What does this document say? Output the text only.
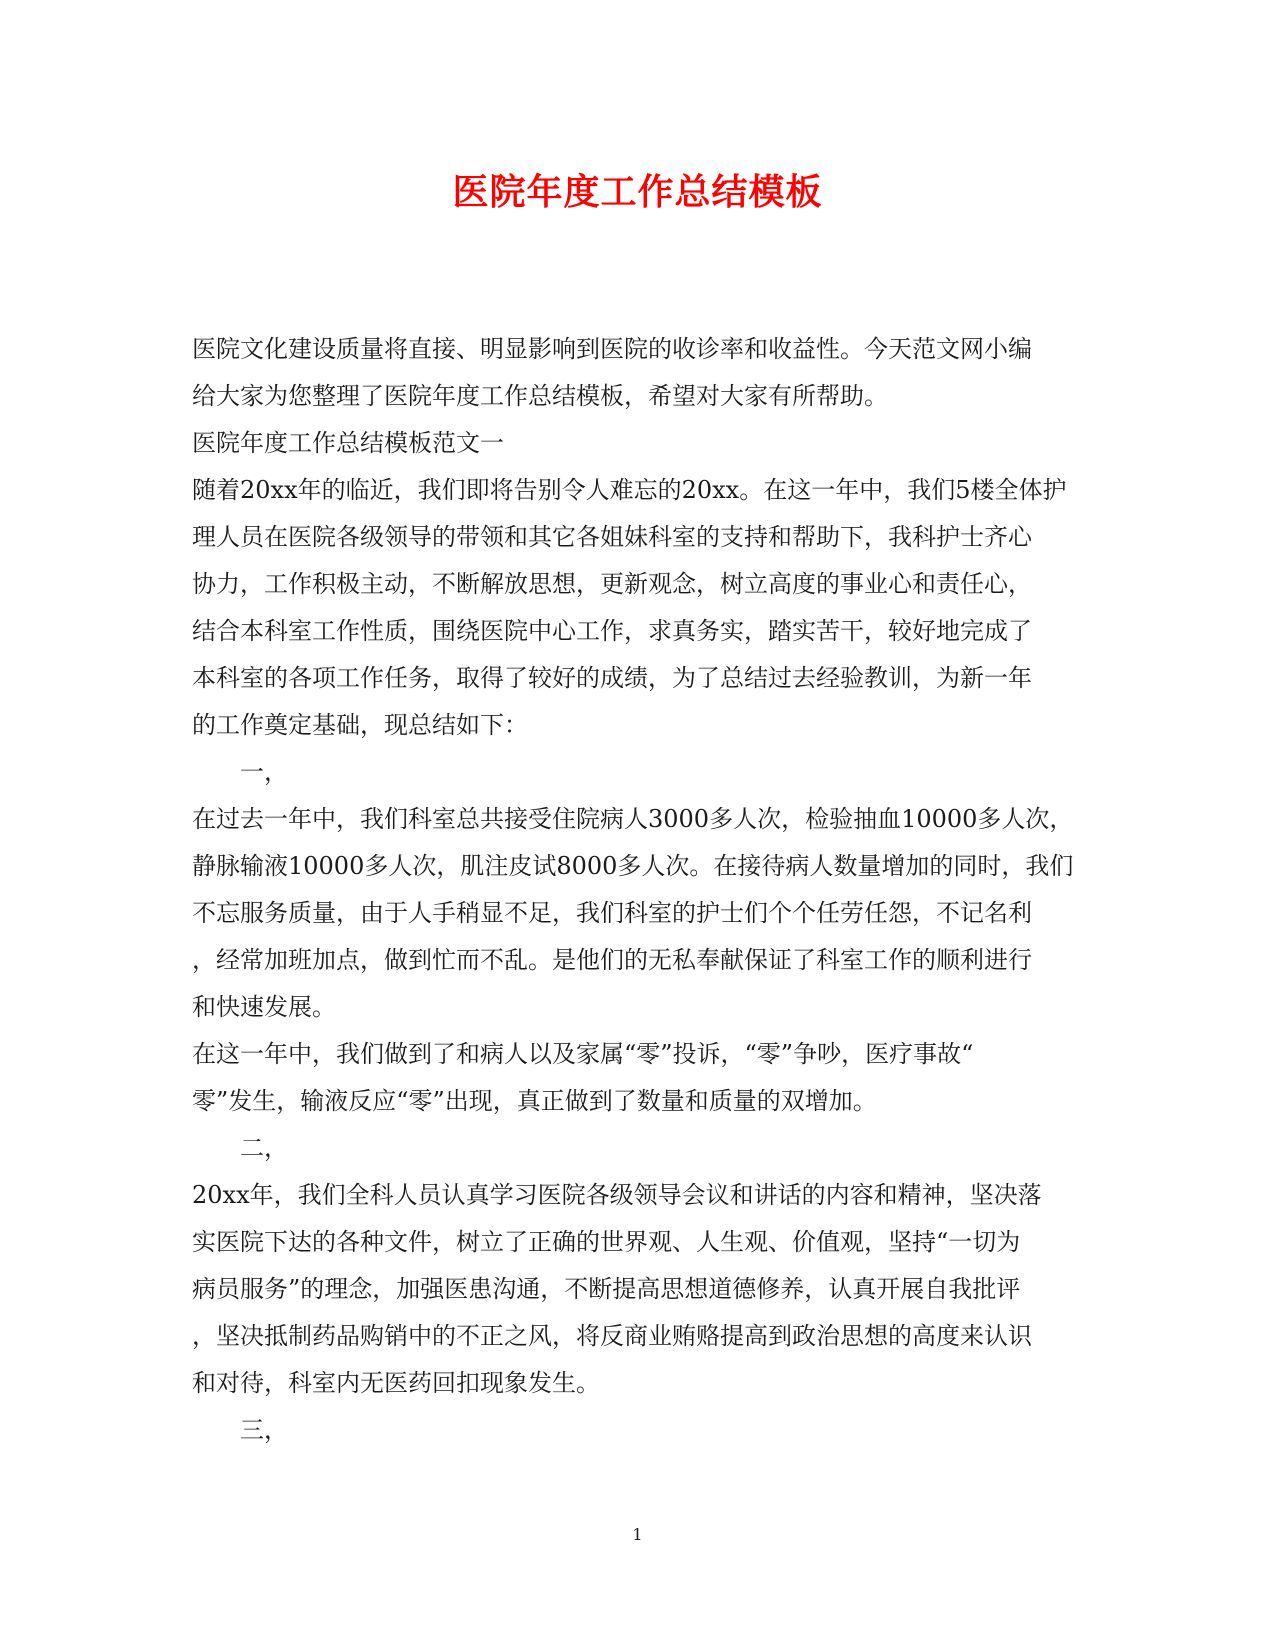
医院年度工作总结模板
医院文化建设质量将直接、明显影响到医院的收诊率和收益性。今天范文网小编
给大家为您整理了医院年度工作总结模板，希望对大家有所帮助。
医院年度工作总结模板范文一
随着20xx年的临近，我们即将告别令人难忘的20xx。在这一年中，我们5楼全体护
理人员在医院各级领导的带领和其它各姐妹科室的支持和帮助下，我科护士齐心
协力，工作积极主动，不断解放思想，更新观念，树立高度的事业心和责任心，
结合本科室工作性质，围绕医院中心工作，求真务实，踏实苦干，较好地完成了
本科室的各项工作任务，取得了较好的成绩，为了总结过去经验教训，为新一年
的工作奠定基础，现总结如下：
一，
在过去一年中，我们科室总共接受住院病人3000多人次，检验抽血10000多人次，
静脉输液10000多人次，肌注皮试8000多人次。在接待病人数量增加的同时，我们
不忘服务质量，由于人手稍显不足，我们科室的护士们个个任劳任怨，不记名利
，经常加班加点，做到忙而不乱。是他们的无私奉献保证了科室工作的顺利进行
和快速发展。
在这一年中，我们做到了和病人以及家属“零”投诉，“零”争吵，医疗事故“
零”发生，输液反应“零”出现，真正做到了数量和质量的双增加。
二，
20xx年，我们全科人员认真学习医院各级领导会议和讲话的内容和精神，坚决落
实医院下达的各种文件，树立了正确的世界观、人生观、价值观，坚持“一切为
病员服务”的理念，加强医患沟通，不断提高思想道德修养，认真开展自我批评
，坚决抵制药品购销中的不正之风，将反商业贿赂提高到政治思想的高度来认识
和对待，科室内无医药回扣现象发生。
三，
1
